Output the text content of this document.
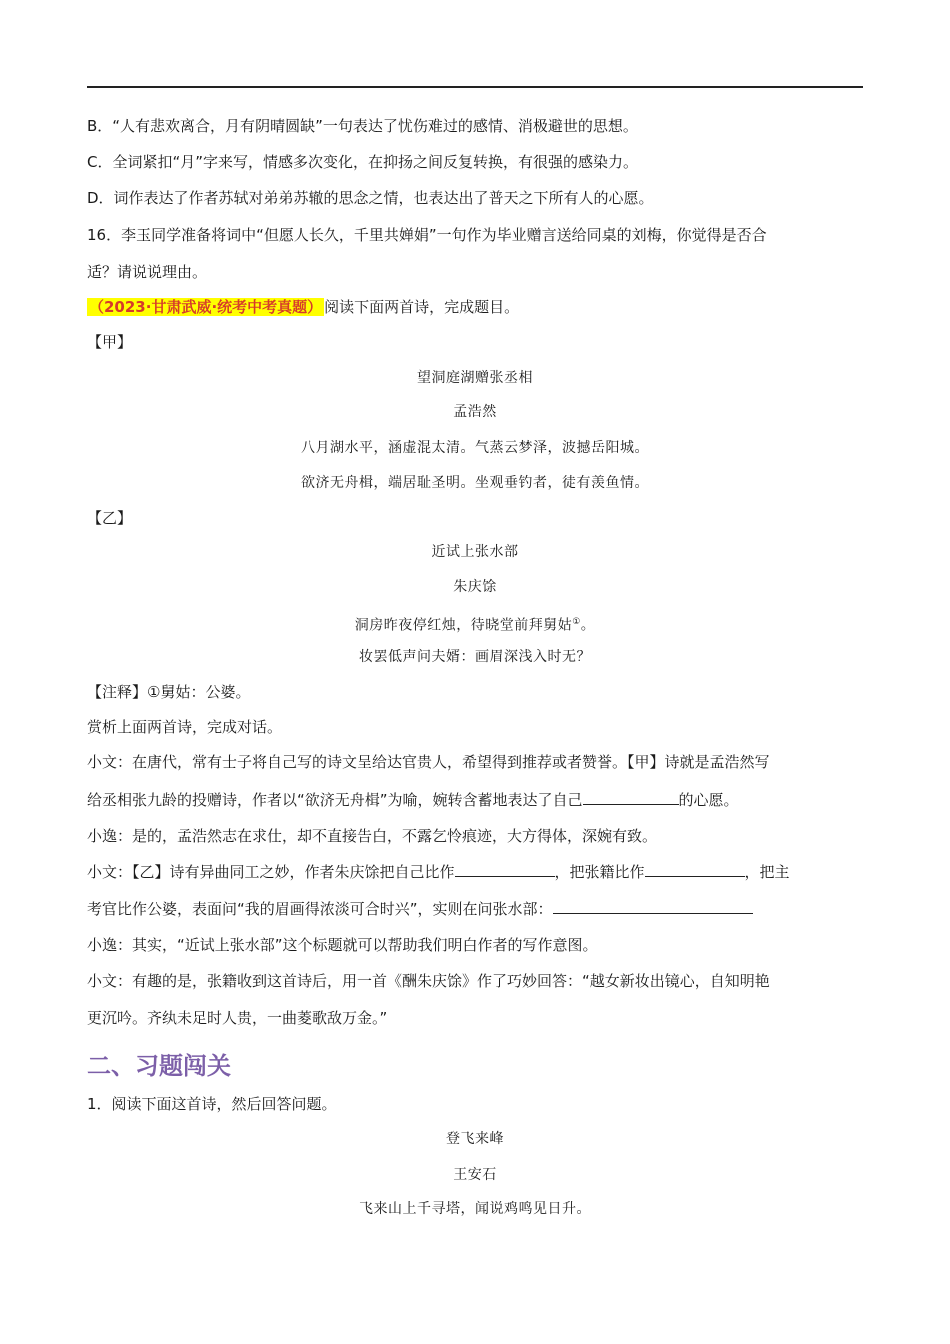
B．“人有悲欢离合，月有阴晴圆缺”一句表达了忧伤难过的感情、消极避世的思想。
C．全词紧扣“月”字来写，情感多次变化，在抑扬之间反复转换，有很强的感染力。
D．词作表达了作者苏轼对弟弟苏辙的思念之情，也表达出了普天之下所有人的心愿。
16．李玉同学准备将词中“但愿人长久，千里共婵娟”一句作为毕业赠言送给同桌的刘梅，你觉得是否合
适？请说说理由。
（2023·甘肃武威·统考中考真题） 阅读下面两首诗，完成题目。
【甲】
望洞庭湖赠张丞相
孟浩然
八月湖水平，涵虚混太清。气蒸云梦泽，波撼岳阳城。
欲济无舟楫，端居耻圣明。坐观垂钓者，徒有羡鱼情。
【乙】
近试上张水部
朱庆馀
洞房昨夜停红烛，待晓堂前拜舅姑①。
妆罢低声问夫婿：画眉深浅入时无？
【注释】①舅姑：公婆。
赏析上面两首诗，完成对话。
小文：在唐代，常有士子将自己写的诗文呈给达官贵人，希望得到推荐或者赞誉。【甲】诗就是孟浩然写
给丞相张九龄的投赠诗，作者以“欲济无舟楫”为喻，婉转含蓄地表达了自己	的心愿。
小逸：是的，孟浩然志在求仕，却不直接告白，不露乞怜痕迹，大方得体，深婉有致。
小文：【乙】诗有异曲同工之妙，作者朱庆馀把自己比作	，把张籍比作	，把主
考官比作公婆，表面问“我的眉画得浓淡可合时兴”，实则在问张水部：
小逸：其实，“近试上张水部”这个标题就可以帮助我们明白作者的写作意图。
小文：有趣的是，张籍收到这首诗后，用一首《酬朱庆馀》作了巧妙回答：“越女新妆出镜心，自知明艳
更沉吟。齐纨未足时人贵，一曲菱歌敌万金。”
二、习题闯关
1．阅读下面这首诗，然后回答问题。
登飞来峰
王安石
飞来山上千寻塔，闻说鸡鸣见日升。
